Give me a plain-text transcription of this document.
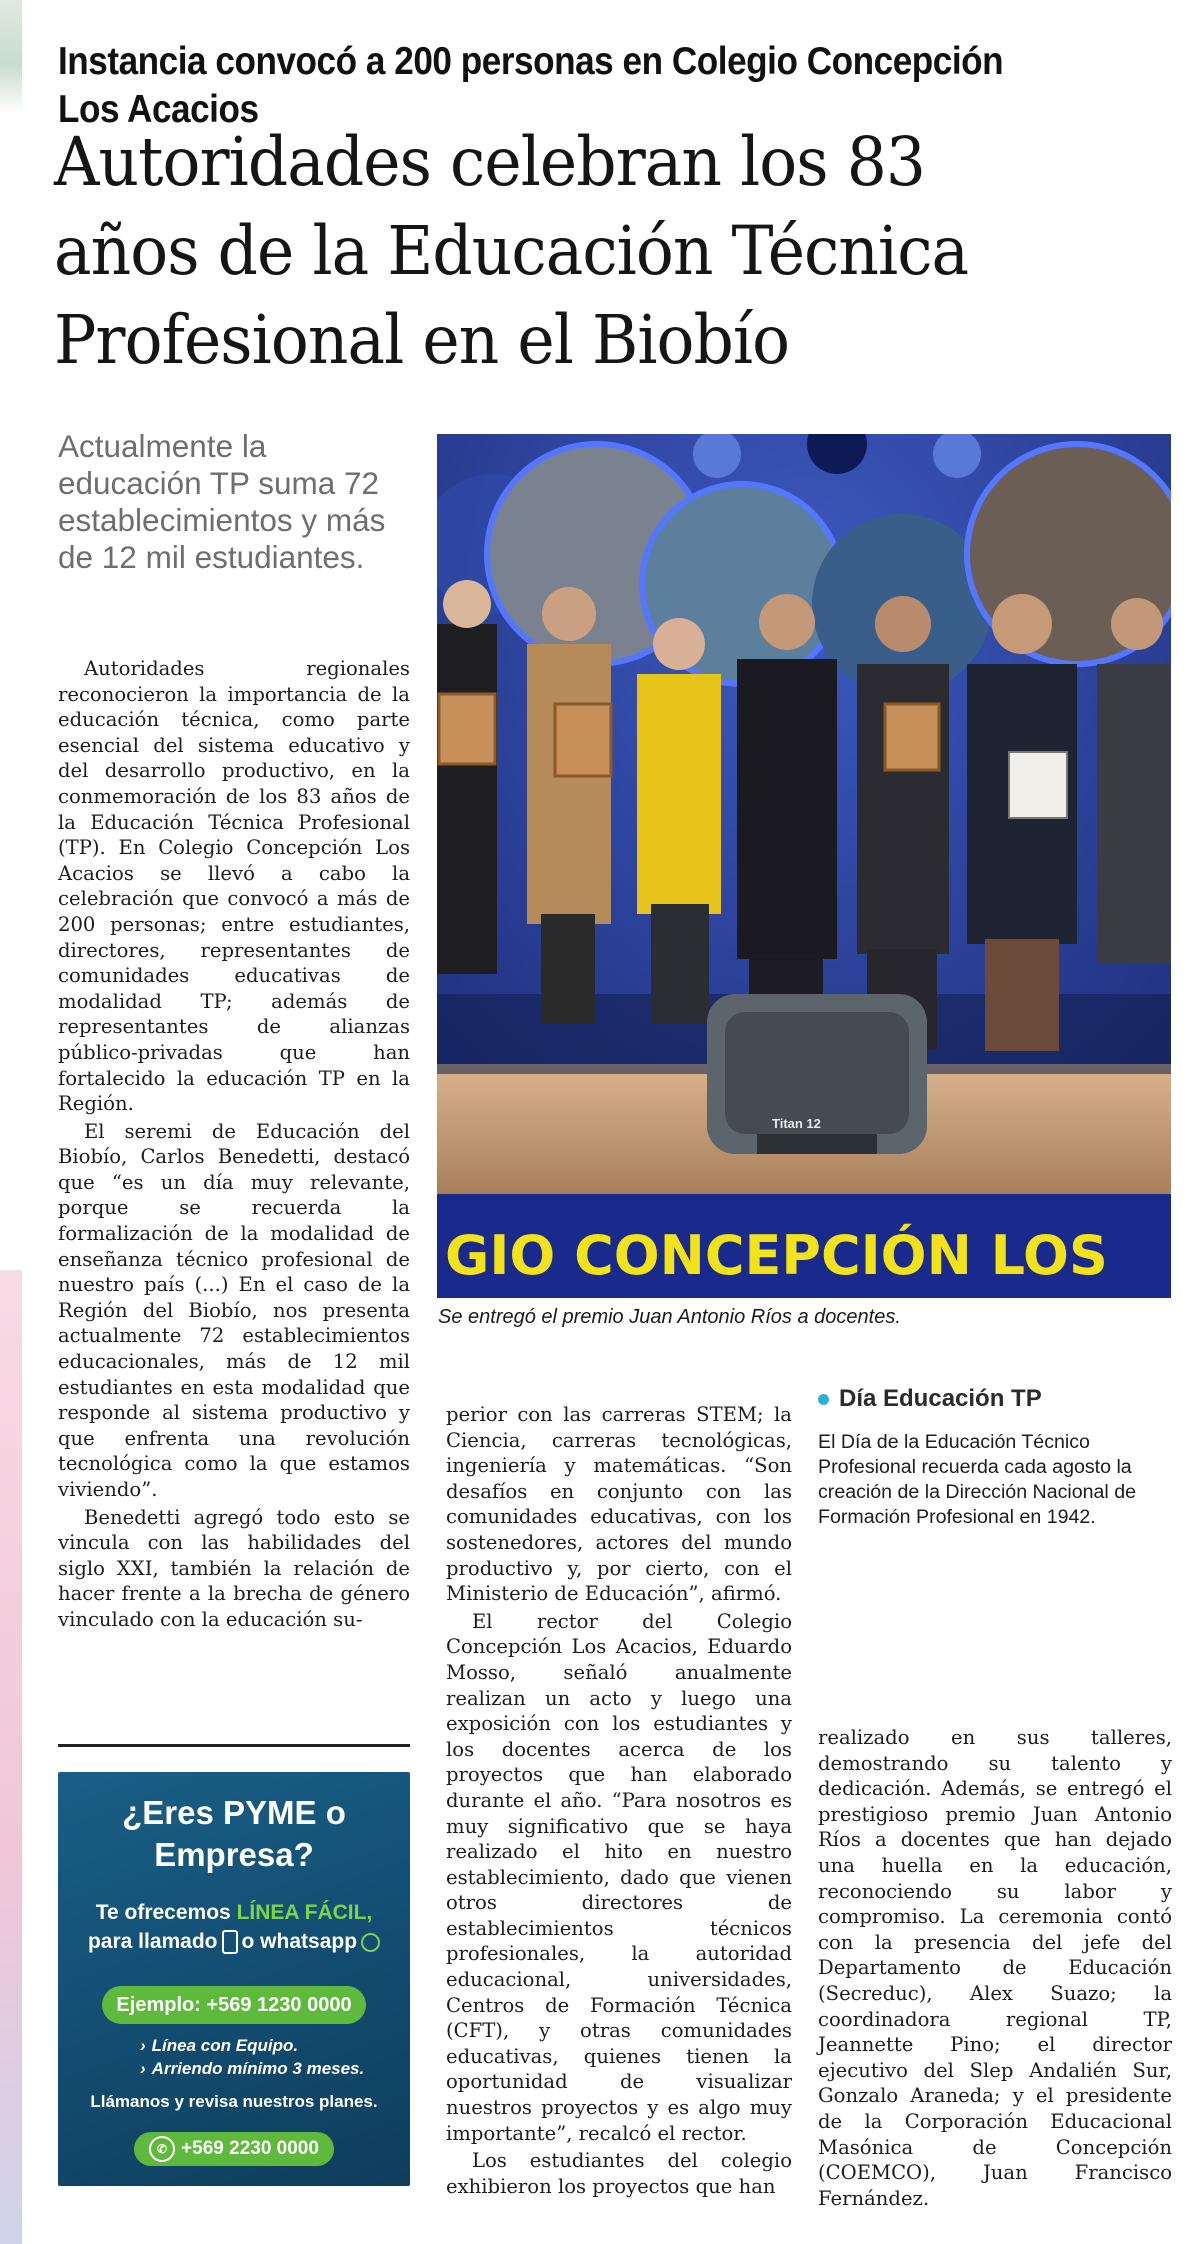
Instancia convocó a 200 personas en Colegio Concepción Los Acacios
Autoridades celebran los 83
años de la Educación Técnica
Profesional en el Biobío

Actualmente la educación TP suma 72 establecimientos y más de 12 mil estudiantes.

Autoridades regionales reconocieron la importancia de la educación técnica, como parte esencial del sistema educativo y del desarrollo productivo, en la conmemoración de los 83 años de la Educación Técnica Profesional (TP). En Colegio Concepción Los Acacios se llevó a cabo la celebración que convocó a más de 200 personas; entre estudiantes, directores, representantes de comunidades educativas de modalidad TP; además de representantes de alianzas público-privadas que han fortalecido la educación TP en la Región.

El seremi de Educación del Biobío, Carlos Benedetti, destacó que “es un día muy relevante, porque se recuerda la formalización de la modalidad de enseñanza técnico profesional de nuestro país (...) En el caso de la Región del Biobío, nos presenta actualmente 72 establecimientos educacionales, más de 12 mil estudiantes en esta modalidad que responde al sistema productivo y que enfrenta una revolución tecnológica como la que estamos viviendo”.

Benedetti agregó todo esto se vincula con las habilidades del siglo XXI, también la relación de hacer frente a la brecha de género vinculado con la educación su-

Titan 12
GIO CONCEPCIÓN LOS

Se entregó el premio Juan Antonio Ríos a docentes.

Día Educación TP

El Día de la Educación Técnico Profesional recuerda cada agosto la creación de la Dirección Nacional de Formación Profesional en 1942.

perior con las carreras STEM; la Ciencia, carreras tecnológicas, ingeniería y matemáticas. “Son desafíos en conjunto con las comunidades educativas, con los sostenedores, actores del mundo productivo y, por cierto, con el Ministerio de Educación”, afirmó.

El rector del Colegio Concepción Los Acacios, Eduardo Mosso, señaló anualmente realizan un acto y luego una exposición con los estudiantes y los docentes acerca de los proyectos que han elaborado durante el año. “Para nosotros es muy significativo que se haya realizado el hito en nuestro establecimiento, dado que vienen otros directores de establecimientos técnicos profesionales, la autoridad educacional, universidades, Centros de Formación Técnica (CFT), y otras comunidades educativas, quienes tienen la oportunidad de visualizar nuestros proyectos y es algo muy importante”, recalcó el rector.

Los estudiantes del colegio exhibieron los proyectos que han

realizado en sus talleres, demostrando su talento y dedicación. Además, se entregó el prestigioso premio Juan Antonio Ríos a docentes que han dejado una huella en la educación, reconociendo su labor y compromiso. La ceremonia contó con la presencia del jefe del Departamento de Educación (Secreduc), Alex Suazo; la coordinadora regional TP, Jeannette Pino; el director ejecutivo del Slep Andalién Sur, Gonzalo Araneda; y el presidente de la Corporación Educacional Masónica de Concepción (COEMCO), Juan Francisco Fernández.

¿Eres PYME o
Empresa?

Te ofrecemos LÍNEA FÁCIL,
para llamado o whatsapp

Ejemplo: +569 1230 0000
› Línea con Equipo.
› Arriendo mínimo 3 meses.
Llámanos y revisa nuestros planes.
✆ +569 2230 0000
